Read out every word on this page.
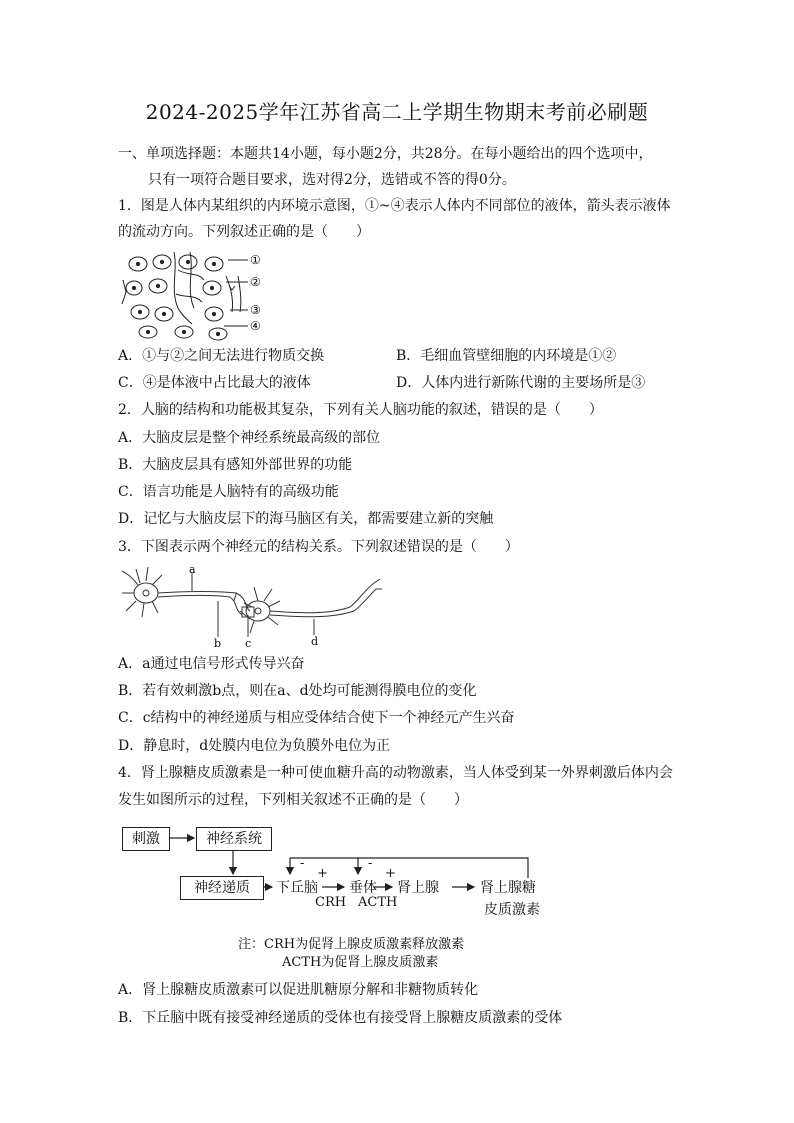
2024-2025学年江苏省高二上学期生物期末考前必刷题
一、单项选择题：本题共14小题，每小题2分，共28分。在每小题给出的四个选项中，
只有一项符合题目要求，选对得2分，选错或不答的得0分。
1．图是人体内某组织的内环境示意图，①~④表示人体内不同部位的液体，箭头表示液体
的流动方向。下列叙述正确的是（　　）
①
②
③
④
A．①与②之间无法进行物质交换	B．毛细血管壁细胞的内环境是①②
C．④是体液中占比最大的液体	D．人体内进行新陈代谢的主要场所是③
2．人脑的结构和功能极其复杂，下列有关人脑功能的叙述，错误的是（　　）
A．大脑皮层是整个神经系统最高级的部位
B．大脑皮层具有感知外部世界的功能
C．语言功能是人脑特有的高级功能
D．记忆与大脑皮层下的海马脑区有关，都需要建立新的突触
3．下图表示两个神经元的结构关系。下列叙述错误的是（　　）
a
b c	d
A．a通过电信号形式传导兴奋
B．若有效刺激b点，则在a、d处均可能测得膜电位的变化
C．c结构中的神经递质与相应受体结合使下一个神经元产生兴奋
D．静息时，d处膜内电位为负膜外电位为正
4．肾上腺糖皮质激素是一种可使血糖升高的动物激素，当人体受到某一外界刺激后体内会
发生如图所示的过程，下列相关叙述不正确的是（　　）
刺激	神经系统
神经递质	下丘脑 垂体 肾上腺	肾上腺糖
皮质激素
CRH ACTH
+	+
-	-
注：CRH为促肾上腺皮质激素释放激素
ACTH为促肾上腺皮质激素
A．肾上腺糖皮质激素可以促进肌糖原分解和非糖物质转化
B．下丘脑中既有接受神经递质的受体也有接受肾上腺糖皮质激素的受体
